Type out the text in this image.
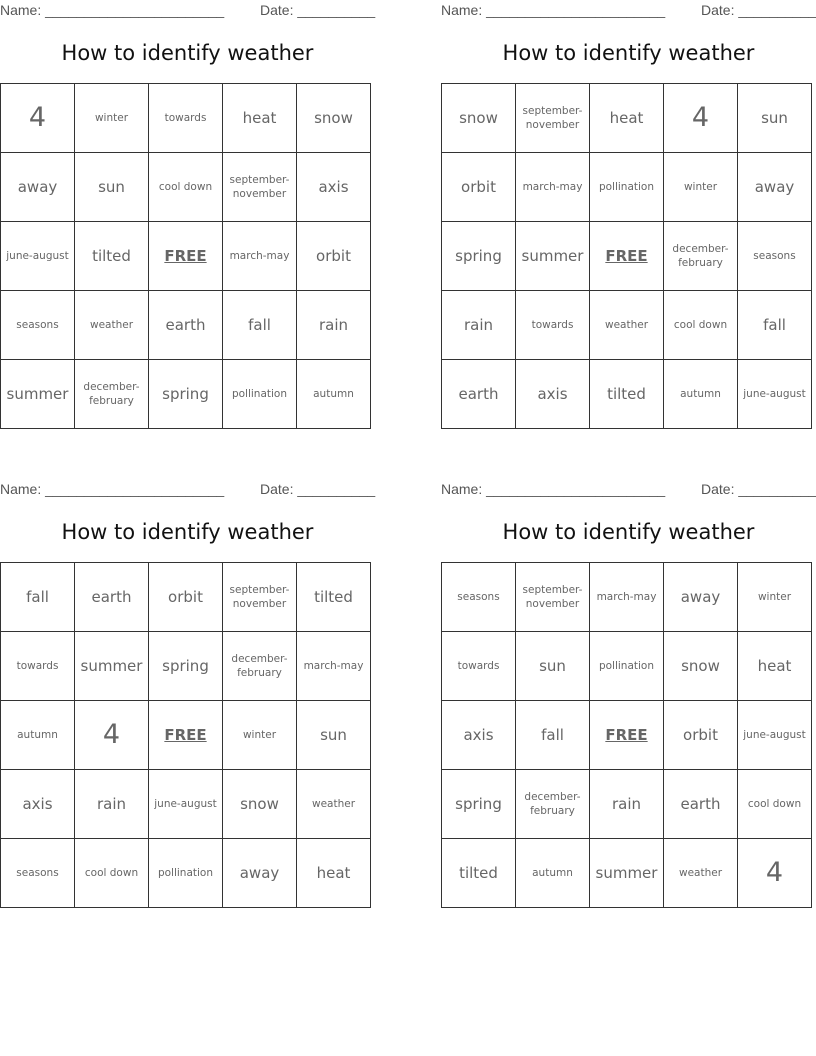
Name: _______________________	Date: __________
How to identify weather
4	winter	towards	heat	snow
away	sun	cool down	september-november	axis
june-august	tilted	FREE	march-may	orbit
seasons	weather	earth	fall	rain
summer	december-february	spring	pollination	autumn
Name: _______________________	Date: __________
How to identify weather
snow	september-november	heat	4	sun
orbit	march-may	pollination	winter	away
spring	summer	FREE	december-february	seasons
rain	towards	weather	cool down	fall
earth	axis	tilted	autumn	june-august
Name: _______________________	Date: __________
How to identify weather
fall	earth	orbit	september-november	tilted
towards	summer	spring	december-february	march-may
autumn	4	FREE	winter	sun
axis	rain	june-august	snow	weather
seasons	cool down	pollination	away	heat
Name: _______________________	Date: __________
How to identify weather
seasons	september-november	march-may	away	winter
towards	sun	pollination	snow	heat
axis	fall	FREE	orbit	june-august
spring	december-february	rain	earth	cool down
tilted	autumn	summer	weather	4
